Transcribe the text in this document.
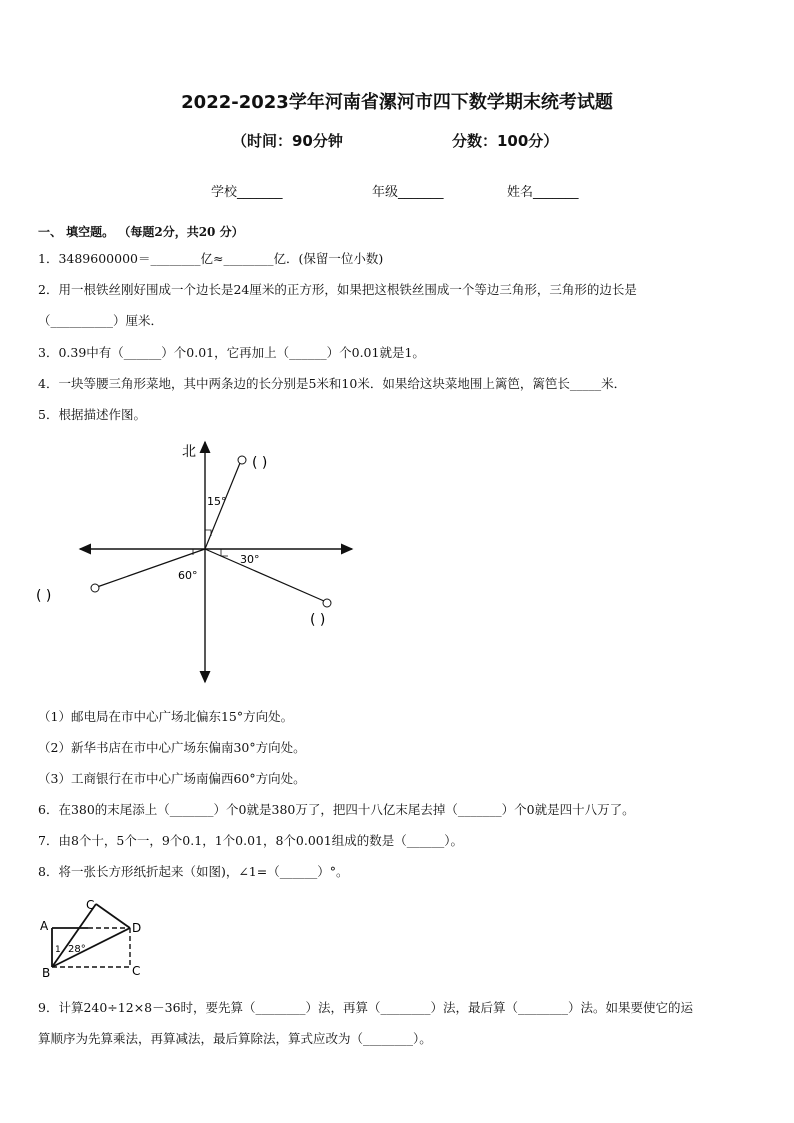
2022-2023学年河南省漯河市四下数学期末统考试题
（时间：90分钟	分数：100分）
学校_______	年级_______	姓名_______
一、 填空题。 （每题2分，共20 分）
1．3489600000＝________亿≈________亿．(保留一位小数)
2．用一根铁丝刚好围成一个边长是24厘米的正方形，如果把这根铁丝围成一个等边三角形，三角形的边长是
（__________）厘米．
3．0.39中有（______）个0.01，它再加上（______）个0.01就是1。
4．一块等腰三角形菜地，其中两条边的长分别是5米和10米．如果给这块菜地围上篱笆，篱笆长_____米．
5．根据描述作图。
北
15°
30°
60°
( )
( )
( )
（1）邮电局在市中心广场北偏东15°方向处。
（2）新华书店在市中心广场东偏南30°方向处。
（3）工商银行在市中心广场南偏西60°方向处。
6．在380的末尾添上（_______）个0就是380万了，把四十八亿末尾去掉（_______）个0就是四十八万了。
7．由8个十，5个一，9个0.1，1个0.01，8个0.001组成的数是（______）。
8．将一张长方形纸折起来（如图)，∠1=（______）°。
A
B
C
D
C
1 28°
9．计算240÷12×8－36时，要先算（________）法，再算（________）法，最后算（________）法。如果要使它的运
算顺序为先算乘法，再算减法，最后算除法，算式应改为（________）。
